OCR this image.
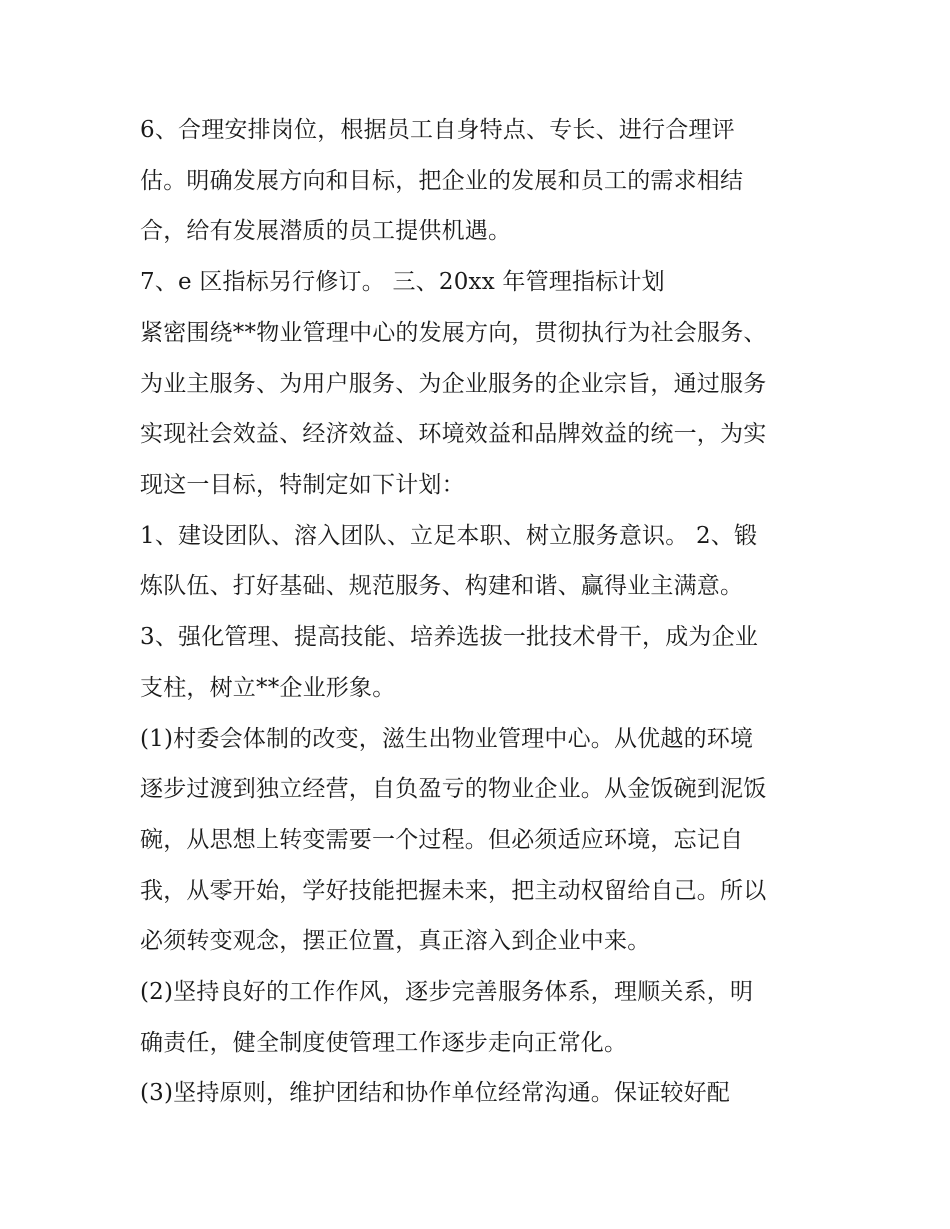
6、合理安排岗位，根据员工自身特点、专长、进行合理评

估。明确发展方向和目标，把企业的发展和员工的需求相结

合，给有发展潜质的员工提供机遇。

7、e 区指标另行修订。 三、20xx 年管理指标计划

紧密围绕**物业管理中心的发展方向，贯彻执行为社会服务、

为业主服务、为用户服务、为企业服务的企业宗旨，通过服务

实现社会效益、经济效益、环境效益和品牌效益的统一，为实

现这一目标，特制定如下计划：

1、建设团队、溶入团队、立足本职、树立服务意识。 2、锻

炼队伍、打好基础、规范服务、构建和谐、赢得业主满意。

3、强化管理、提高技能、培养选拔一批技术骨干，成为企业

支柱，树立**企业形象。

(1)村委会体制的改变，滋生出物业管理中心。从优越的环境

逐步过渡到独立经营，自负盈亏的物业企业。从金饭碗到泥饭

碗，从思想上转变需要一个过程。但必须适应环境，忘记自

我，从零开始，学好技能把握未来，把主动权留给自己。所以

必须转变观念，摆正位置，真正溶入到企业中来。

(2)坚持良好的工作作风，逐步完善服务体系，理顺关系，明

确责任，健全制度使管理工作逐步走向正常化。

(3)坚持原则，维护团结和协作单位经常沟通。保证较好配
